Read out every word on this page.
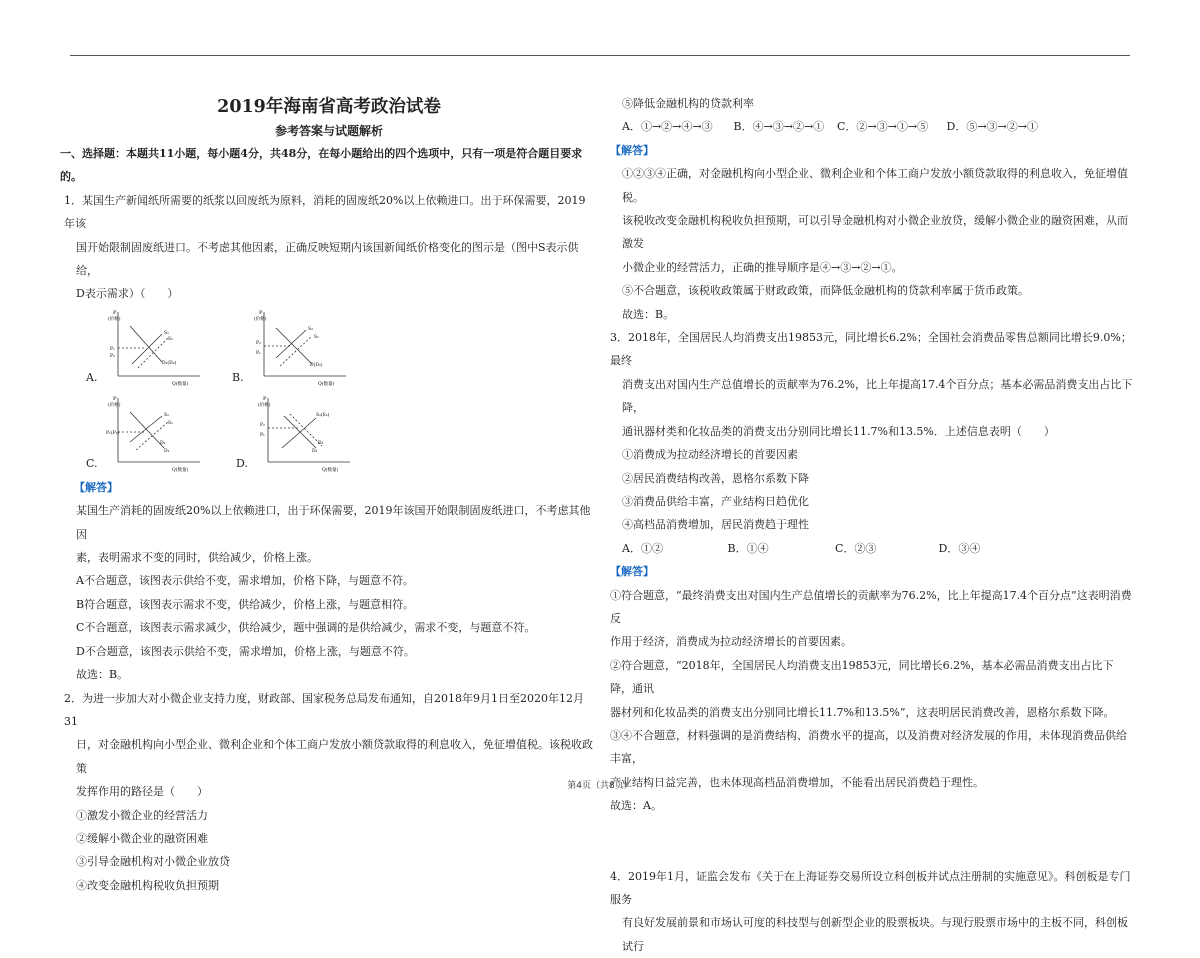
2019年海南省高考政治试卷
参考答案与试题解析
一、选择题：本题共11小题，每小题4分，共48分，在每小题给出的四个选项中，只有一项是符合题目要求的。

1．某国生产新闻纸所需要的纸浆以回废纸为原料，消耗的固废纸20%以上依赖进口。出于环保需要，2019年该

国开始限制固废纸进口。不考虑其他因素，正确反映短期内该国新闻纸价格变化的图示是（图中S表示供给，

D表示需求）（　　）

A.
P
(价格)
Q(数量)
S₁
S₂
D₁(D₂)
P₁
P₂
B.
P
(价格)
Q(数量)
S₂
S₁
D(D₂)
P₂
P₁
C.
P
(价格)
Q(数量)
S₂
S₁
D₂
D₁
P₁(P₂)
D.
P
(价格)
Q(数量)
S₁(S₂)
D₂
D₁
P₂
P₁
【解答】

某国生产消耗的固废纸20%以上依赖进口，出于环保需要，2019年该国开始限制固废纸进口，不考虑其他因

素，表明需求不变的同时，供给减少，价格上涨。

A不合题意，该图表示供给不变，需求增加，价格下降，与题意不符。

B符合题意，该图表示需求不变，供给减少，价格上涨，与题意相符。

C不合题意，该图表示需求减少，供给减少，题中强调的是供给减少，需求不变，与题意不符。

D不合题意，该图表示供给不变，需求增加，价格上涨，与题意不符。

故选：B。

2．为进一步加大对小微企业支持力度，财政部、国家税务总局发布通知，自2018年9月1日至2020年12月31

日，对金融机构向小型企业、微利企业和个体工商户发放小额贷款取得的利息收入，免征增值税。该税收政策

发挥作用的路径是（　　）

①激发小微企业的经营活力

②缓解小微企业的融资困难

③引导金融机构对小微企业放贷

④改变金融机构税收负担预期

⑤降低金融机构的贷款利率

A．①→②→④→③ B．④→③→②→① C．②→③→①→⑤ D．⑤→③→②→①
【解答】

①②③④正确，对金融机构向小型企业、微利企业和个体工商户发放小额贷款取得的利息收入，免征增值税。

该税收改变金融机构税收负担预期，可以引导金融机构对小微企业放贷，缓解小微企业的融资困难，从而激发

小微企业的经营活力，正确的推导顺序是④→③→②→①。

⑤不合题意，该税收政策属于财政政策，而降低金融机构的贷款利率属于货币政策。

故选：B。

3．2018年，全国居民人均消费支出19853元，同比增长6.2%；全国社会消费品零售总额同比增长9.0%；最终

消费支出对国内生产总值增长的贡献率为76.2%，比上年提高17.4个百分点；基本必需品消费支出占比下降，

通讯器材类和化妆品类的消费支出分别同比增长11.7%和13.5%．上述信息表明（　　）

①消费成为拉动经济增长的首要因素

②居民消费结构改善，恩格尔系数下降

③消费品供给丰富，产业结构日趋优化

④高档品消费增加，居民消费趋于理性

A．①②	B．①④	C．②③	D．③④
【解答】

①符合题意，“最终消费支出对国内生产总值增长的贡献率为76.2%，比上年提高17.4个百分点”这表明消费反

作用于经济，消费成为拉动经济增长的首要因素。

②符合题意，“2018年，全国居民人均消费支出19853元，同比增长6.2%，基本必需品消费支出占比下降，通讯

器材列和化妆品类的消费支出分别同比增长11.7%和13.5%”，这表明居民消费改善，恩格尔系数下降。

③④不合题意，材料强调的是消费结构、消费水平的提高，以及消费对经济发展的作用，未体现消费品供给丰富，

产业结构日益完善，也未体现高档品消费增加，不能看出居民消费趋于理性。

故选：A。

4．2019年1月，证监会发布《关于在上海证券交易所设立科创板并试点注册制的实施意见》。科创板是专门服务

有良好发展前景和市场认可度的科技型与创新型企业的股票板块。与现行股票市场中的主板不同，科创板试行

第4页（共8页）
